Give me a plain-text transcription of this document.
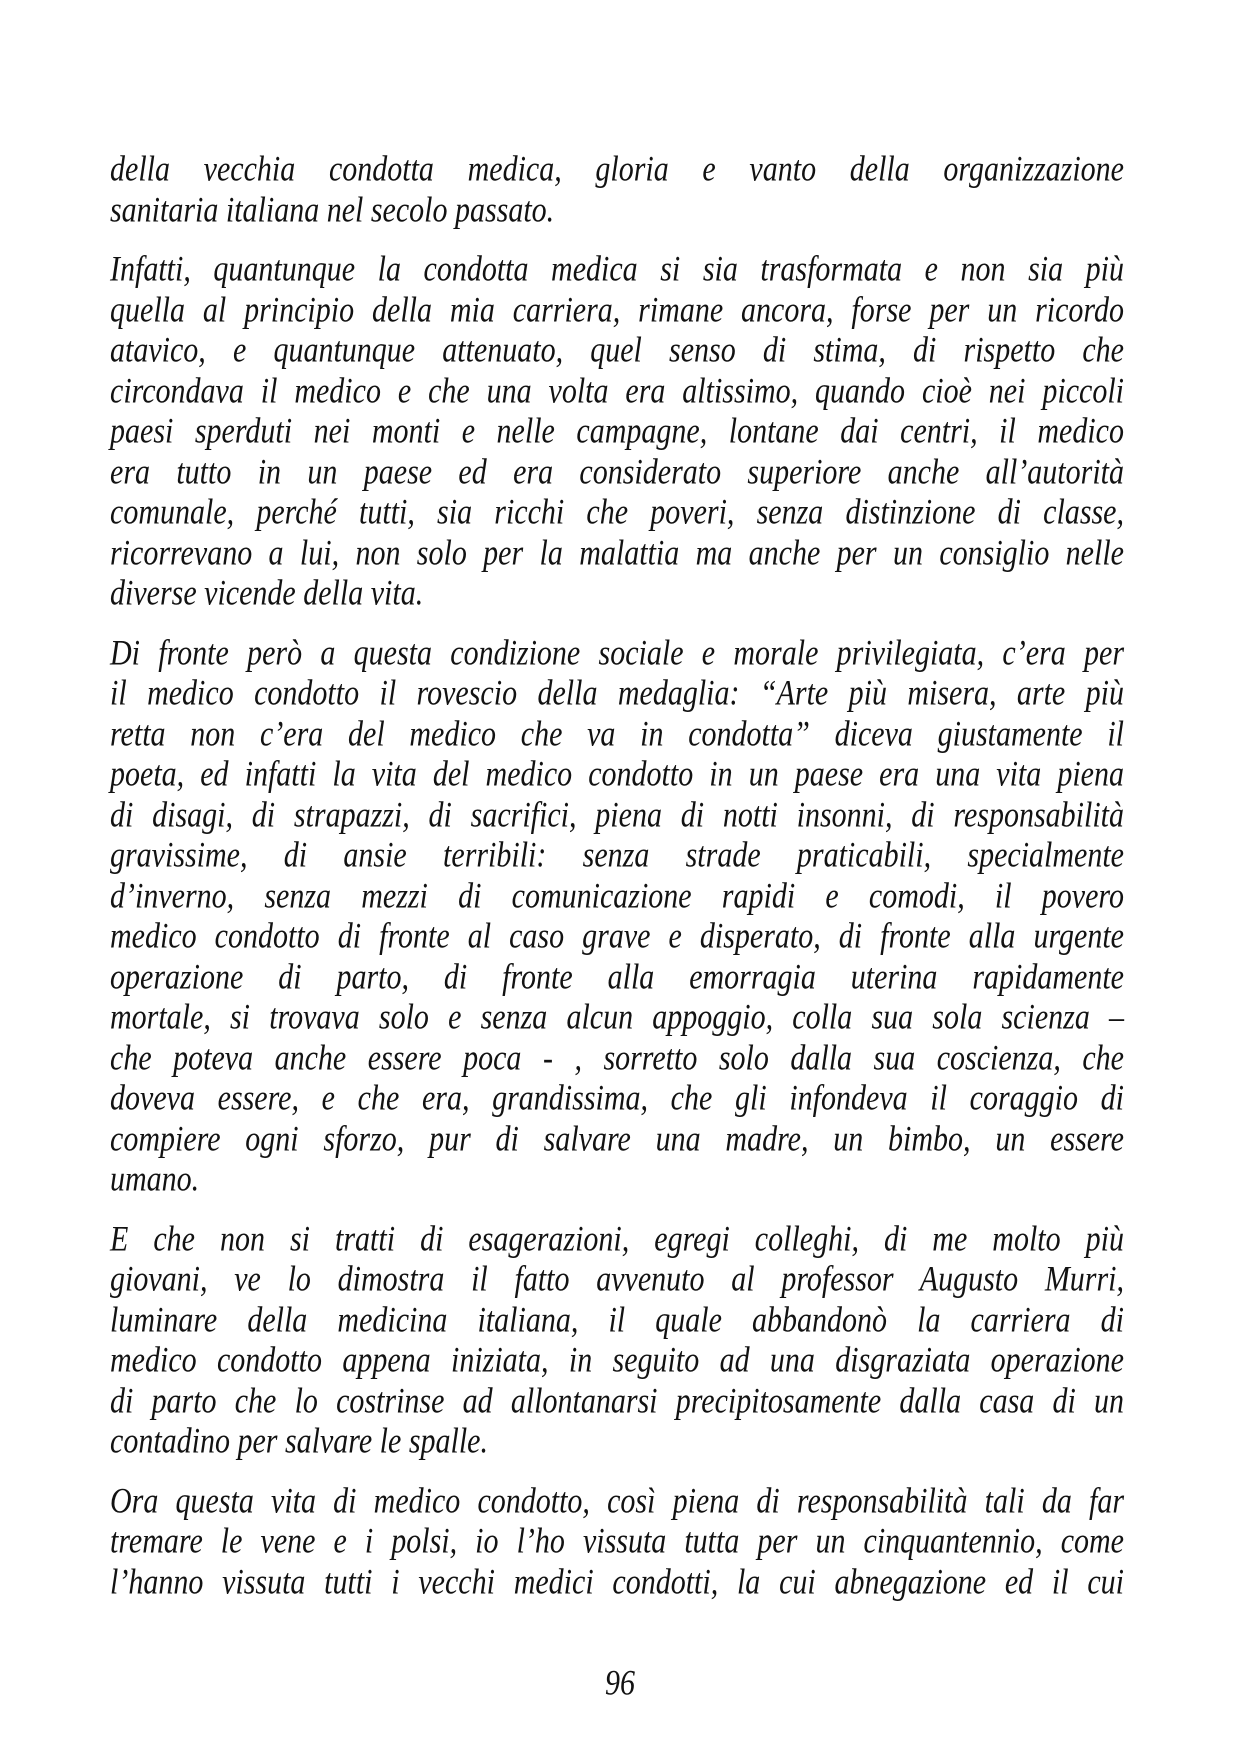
della vecchia condotta medica, gloria e vanto della organizzazione
sanitaria italiana nel secolo passato.
Infatti, quantunque la condotta medica si sia trasformata e non sia più
quella al principio della mia carriera, rimane ancora, forse per un ricordo
atavico, e quantunque attenuato, quel senso di stima, di rispetto che
circondava il medico e che una volta era altissimo, quando cioè nei piccoli
paesi sperduti nei monti e nelle campagne, lontane dai centri, il medico
era tutto in un paese ed era considerato superiore anche all’autorità
comunale, perché tutti, sia ricchi che poveri, senza distinzione di classe,
ricorrevano a lui, non solo per la malattia ma anche per un consiglio nelle
diverse vicende della vita.
Di fronte però a questa condizione sociale e morale privilegiata, c’era per
il medico condotto il rovescio della medaglia: “Arte più misera, arte più
retta non c’era del medico che va in condotta” diceva giustamente il
poeta, ed infatti la vita del medico condotto in un paese era una vita piena
di disagi, di strapazzi, di sacrifici, piena di notti insonni, di responsabilità
gravissime, di ansie terribili: senza strade praticabili, specialmente
d’inverno, senza mezzi di comunicazione rapidi e comodi, il povero
medico condotto di fronte al caso grave e disperato, di fronte alla urgente
operazione di parto, di fronte alla emorragia uterina rapidamente
mortale, si trovava solo e senza alcun appoggio, colla sua sola scienza –
che poteva anche essere poca - , sorretto solo dalla sua coscienza, che
doveva essere, e che era, grandissima, che gli infondeva il coraggio di
compiere ogni sforzo, pur di salvare una madre, un bimbo, un essere
umano.
E che non si tratti di esagerazioni, egregi colleghi, di me molto più
giovani, ve lo dimostra il fatto avvenuto al professor Augusto Murri,
luminare della medicina italiana, il quale abbandonò la carriera di
medico condotto appena iniziata, in seguito ad una disgraziata operazione
di parto che lo costrinse ad allontanarsi precipitosamente dalla casa di un
contadino per salvare le spalle.
Ora questa vita di medico condotto, così piena di responsabilità tali da far
tremare le vene e i polsi, io l’ho vissuta tutta per un cinquantennio, come
l’hanno vissuta tutti i vecchi medici condotti, la cui abnegazione ed il cui
96
